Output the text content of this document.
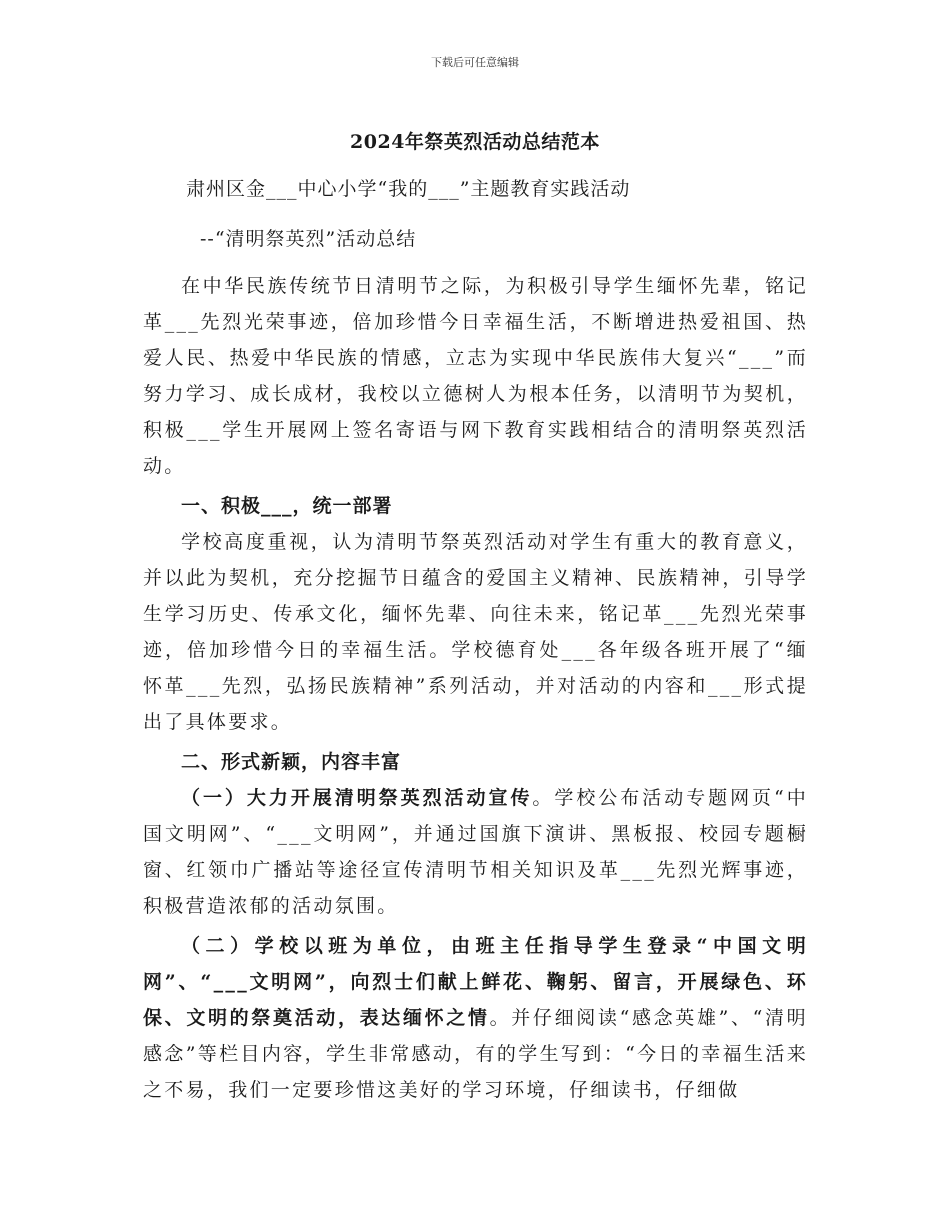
下载后可任意编辑
2024年祭英烈活动总结范本
肃州区金___中心小学“我的___”主题教育实践活动
--“清明祭英烈”活动总结

在中华民族传统节日清明节之际，为积极引导学生缅怀先辈，铭记革___先烈光荣事迹，倍加珍惜今日幸福生活，不断增进热爱祖国、热爱人民、热爱中华民族的情感，立志为实现中华民族伟大复兴“___”而努力学习、成长成材，我校以立德树人为根本任务，以清明节为契机，积极___学生开展网上签名寄语与网下教育实践相结合的清明祭英烈活动。

一、积极___，统一部署

学校高度重视，认为清明节祭英烈活动对学生有重大的教育意义，并以此为契机，充分挖掘节日蕴含的爱国主义精神、民族精神，引导学生学习历史、传承文化，缅怀先辈、向往未来，铭记革___先烈光荣事迹，倍加珍惜今日的幸福生活。学校德育处___各年级各班开展了“缅怀革___先烈，弘扬民族精神”系列活动，并对活动的内容和___形式提出了具体要求。

二、形式新颖，内容丰富

（一）大力开展清明祭英烈活动宣传。学校公布活动专题网页“中国文明网”、“___文明网”，并通过国旗下演讲、黑板报、校园专题橱窗、红领巾广播站等途径宣传清明节相关知识及革___先烈光辉事迹，积极营造浓郁的活动氛围。

（二）学校以班为单位，由班主任指导学生登录“中国文明网”、“___文明网”，向烈士们献上鲜花、鞠躬、留言，开展绿色、环保、文明的祭奠活动，表达缅怀之情。并仔细阅读“感念英雄”、“清明感念”等栏目内容，学生非常感动，有的学生写到：“今日的幸福生活来之不易，我们一定要珍惜这美好的学习环境，仔细读书，仔细做
